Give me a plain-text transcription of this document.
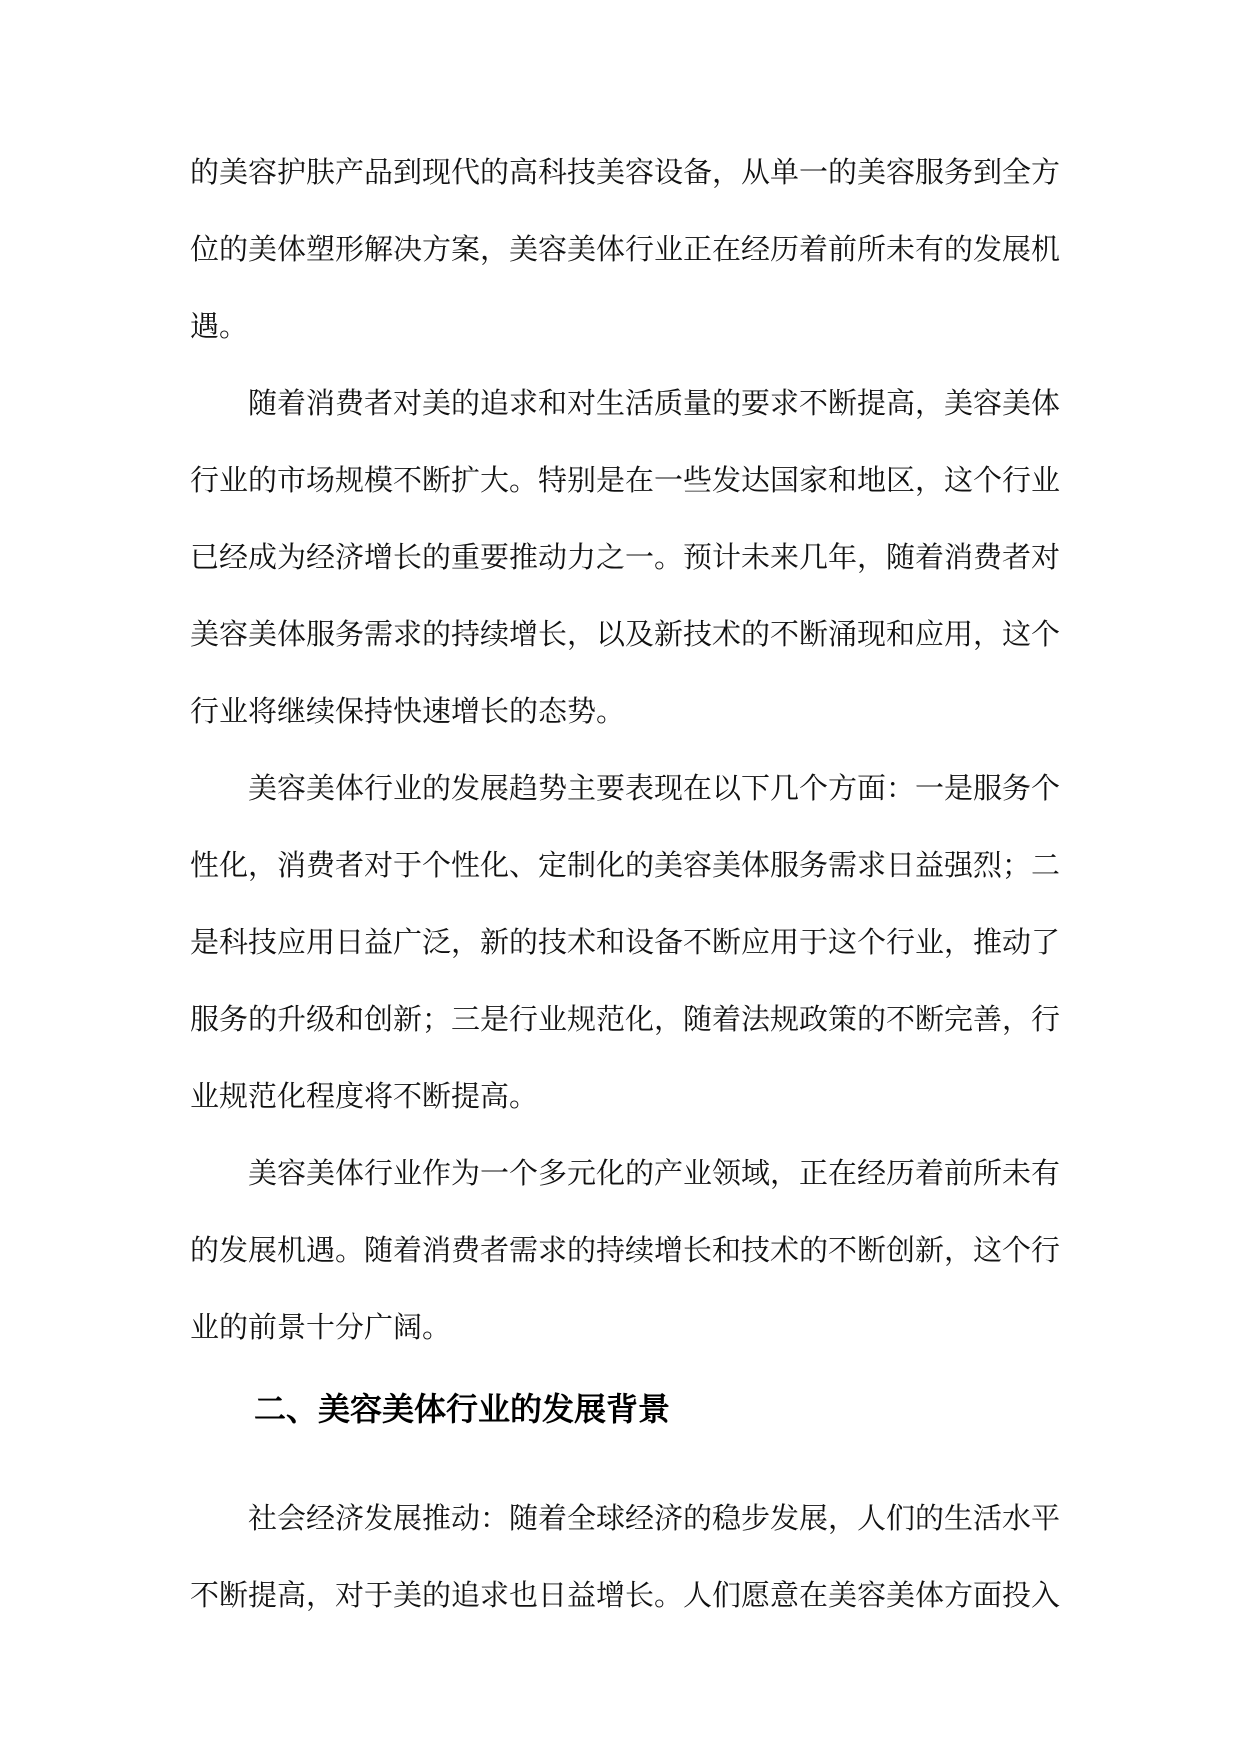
的美容护肤产品到现代的高科技美容设备，从单一的美容服务到全方位的美体塑形解决方案，美容美体行业正在经历着前所未有的发展机遇。

随着消费者对美的追求和对生活质量的要求不断提高，美容美体行业的市场规模不断扩大。特别是在一些发达国家和地区，这个行业已经成为经济增长的重要推动力之一。预计未来几年，随着消费者对美容美体服务需求的持续增长，以及新技术的不断涌现和应用，这个行业将继续保持快速增长的态势。

美容美体行业的发展趋势主要表现在以下几个方面：一是服务个性化，消费者对于个性化、定制化的美容美体服务需求日益强烈；二是科技应用日益广泛，新的技术和设备不断应用于这个行业，推动了服务的升级和创新；三是行业规范化，随着法规政策的不断完善，行业规范化程度将不断提高。

美容美体行业作为一个多元化的产业领域，正在经历着前所未有的发展机遇。随着消费者需求的持续增长和技术的不断创新，这个行业的前景十分广阔。

二、美容美体行业的发展背景

社会经济发展推动：随着全球经济的稳步发展，人们的生活水平不断提高，对于美的追求也日益增长。人们愿意在美容美体方面投入
